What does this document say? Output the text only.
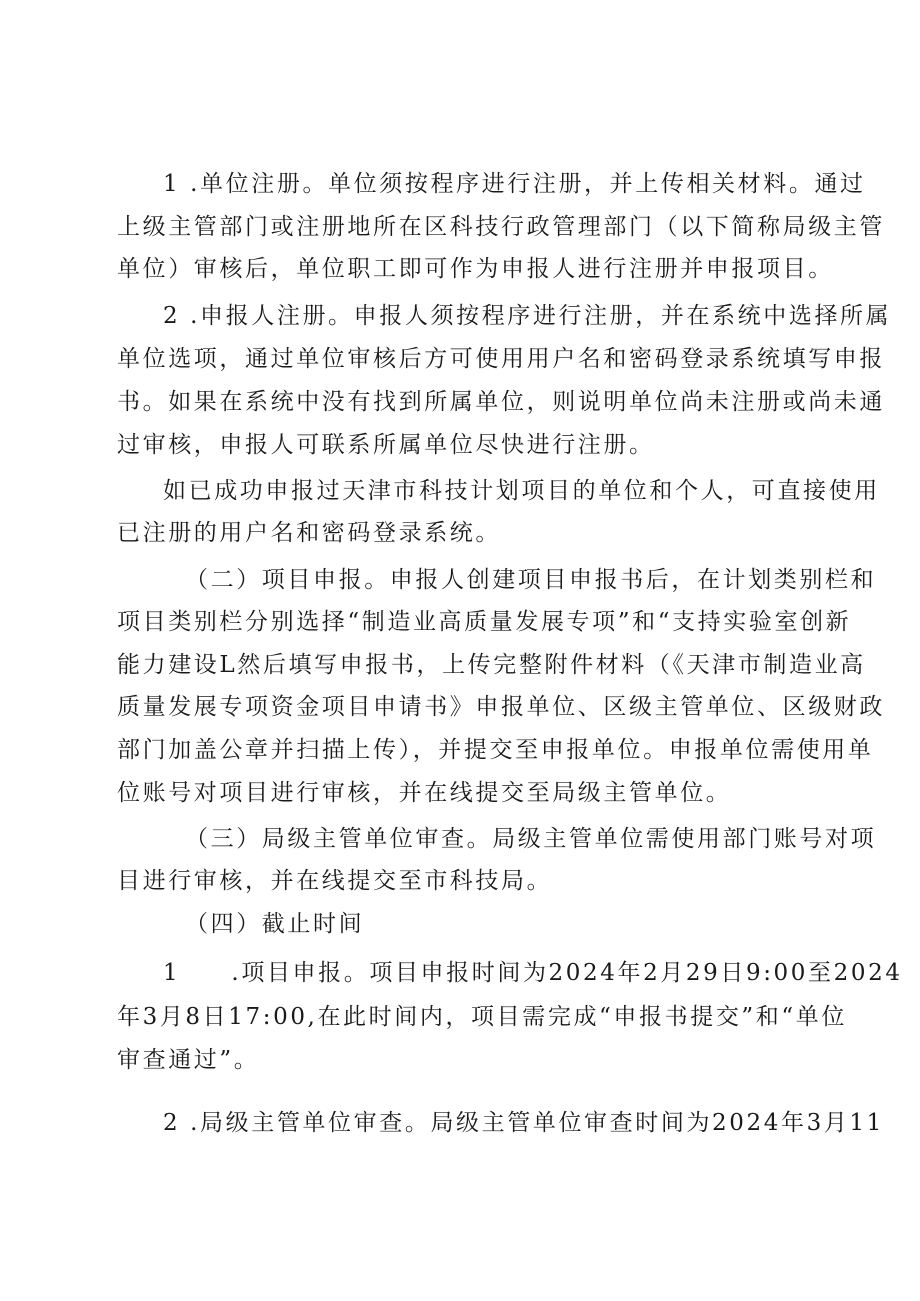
1 .单位注册。单位须按程序进行注册，并上传相关材料。通过
上级主管部门或注册地所在区科技行政管理部门（以下简称局级主管
单位）审核后，单位职工即可作为申报人进行注册并申报项目。
2 .申报人注册。申报人须按程序进行注册，并在系统中选择所属
单位选项，通过单位审核后方可使用用户名和密码登录系统填写申报
书。如果在系统中没有找到所属单位，则说明单位尚未注册或尚未通
过审核，申报人可联系所属单位尽快进行注册。
如已成功申报过天津市科技计划项目的单位和个人，可直接使用
已注册的用户名和密码登录系统。
（二）项目申报。申报人创建项目申报书后，在计划类别栏和
项目类别栏分别选择“制造业高质量发展专项”和“支持实验室创新
能力建设L然后填写申报书，上传完整附件材料（《天津市制造业高
质量发展专项资金项目申请书》申报单位、区级主管单位、区级财政
部门加盖公章并扫描上传），并提交至申报单位。申报单位需使用单
位账号对项目进行审核，并在线提交至局级主管单位。
（三）局级主管单位审查。局级主管单位需使用部门账号对项
目进行审核，并在线提交至市科技局。
（四）截止时间
1　　.项目申报。项目申报时间为2024年2月29日9:00至2024
年3月8日17:00,在此时间内，项目需完成“申报书提交”和“单位
审查通过”。
2 .局级主管单位审查。局级主管单位审查时间为2024年3月11
